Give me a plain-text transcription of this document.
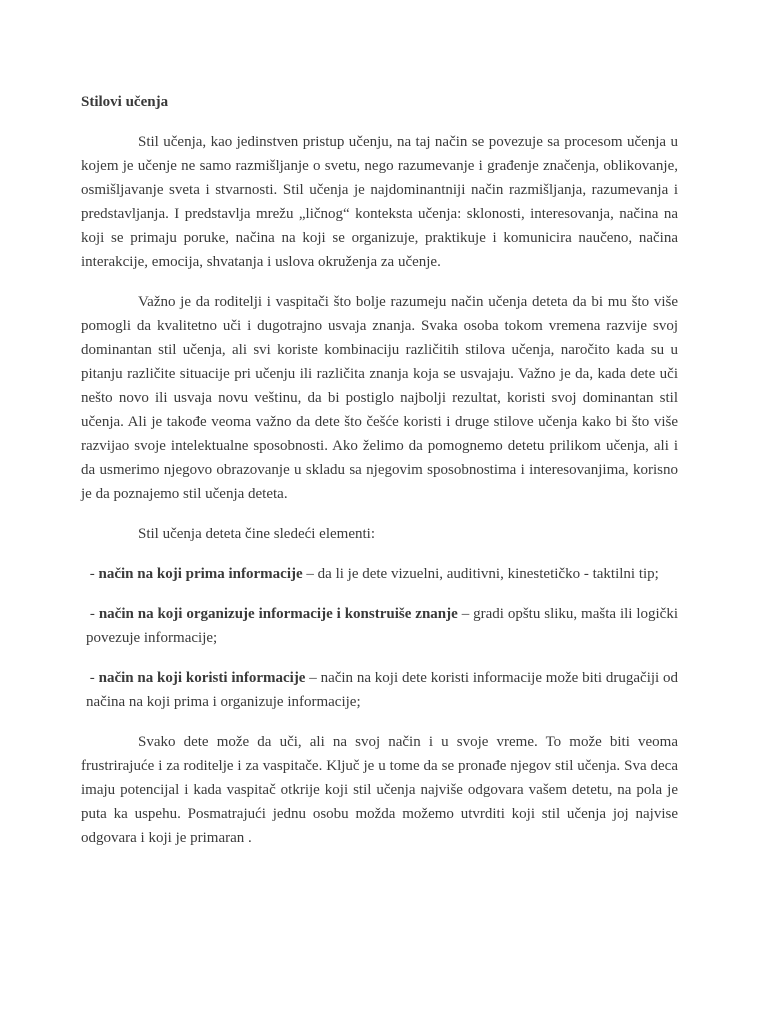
Stilovi učenja

Stil učenja, kao jedinstven pristup učenju, na taj način se povezuje sa procesom učenja u kojem je učenje ne samo razmišljanje o svetu, nego razumevanje i građenje značenja, oblikovanje, osmišljavanje sveta i stvarnosti. Stil učenja je najdominantniji način razmišljanja, razumevanja i predstavljanja. I predstavlja mrežu „ličnog“ konteksta učenja: sklonosti, interesovanja, načina na koji se primaju poruke, načina na koji se organizuje, praktikuje i komunicira naučeno, načina interakcije, emocija, shvatanja i uslova okruženja za učenje.

Važno je da roditelji i vaspitači što bolje razumeju način učenja deteta da bi mu što više pomogli da kvalitetno uči i dugotrajno usvaja znanja. Svaka osoba tokom vremena razvije svoj dominantan stil učenja, ali svi koriste kombinaciju različitih stilova učenja, naročito kada su u pitanju različite situacije pri učenju ili različita znanja koja se usvajaju. Važno je da, kada dete uči nešto novo ili usvaja novu veštinu, da bi postiglo najbolji rezultat, koristi svoj dominantan stil učenja. Ali je takođe veoma važno da dete što češće koristi i druge stilove učenja kako bi što više razvijao svoje intelektualne sposobnosti. Ako želimo da pomognemo detetu prilikom učenja, ali i da usmerimo njegovo obrazovanje u skladu sa njegovim sposobnostima i interesovanjima, korisno je da poznajemo stil učenja deteta.

Stil učenja deteta čine sledeći elementi:

- način na koji prima informacije – da li je dete vizuelni, auditivni, kinestetičko - taktilni tip;

- način na koji organizuje informacije i konstruiše znanje – gradi opštu sliku, mašta ili logički povezuje informacije;

- način na koji koristi informacije – način na koji dete koristi informacije može biti drugačiji od načina na koji prima i organizuje informacije;

Svako dete može da uči, ali na svoj način i u svoje vreme. To može biti veoma frustrirajuće i za roditelje i za vaspitače. Ključ je u tome da se pronađe njegov stil učenja. Sva deca imaju potencijal i kada vaspitač otkrije koji stil učenja najviše odgovara vašem detetu, na pola je puta ka uspehu. Posmatrajući jednu osobu možda možemo utvrditi koji stil učenja joj najvise odgovara i koji je primaran .
